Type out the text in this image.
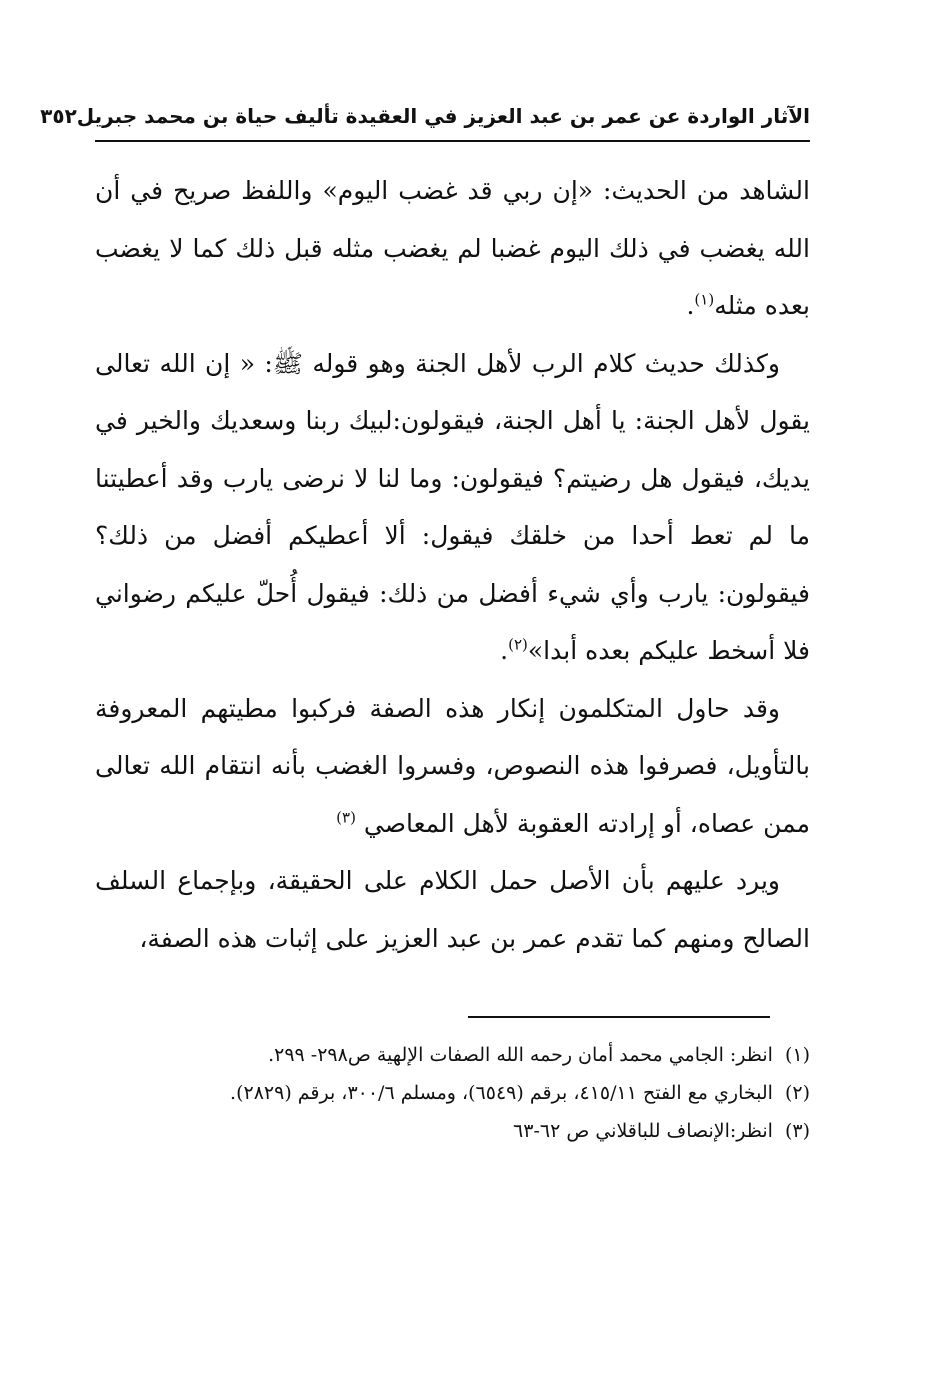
الآثار الواردة عن عمر بن عبد العزيز في العقيدة تأليف حياة بن محمد جبريل
٣٥٢

الشاهد من الحديث: «إن ربي قد غضب اليوم» واللفظ صريح في أن الله يغضب في ذلك اليوم غضبا لم يغضب مثله قبل ذلك كما لا يغضب بعده مثله$^{(١)}$.

وكذلك حديث كلام الرب لأهل الجنة وهو قوله ﷺ: « إن الله تعالى يقول لأهل الجنة: يا أهل الجنة، فيقولون:لبيك ربنا وسعديك والخير في يديك، فيقول هل رضيتم؟ فيقولون: وما لنا لا نرضى يارب وقد أعطيتنا ما لم تعط أحدا من خلقك فيقول: ألا أعطيكم أفضل من ذلك؟ فيقولون: يارب وأي شيء أفضل من ذلك: فيقول أُحلّ عليكم رضواني فلا أسخط عليكم بعده أبدا»$^{(٢)}$.

وقد حاول المتكلمون إنكار هذه الصفة فركبوا مطيتهم المعروفة بالتأويل، فصرفوا هذه النصوص، وفسروا الغضب بأنه انتقام الله تعالى ممن عصاه، أو إرادته العقوبة لأهل المعاصي $^{(٣)}$

ويرد عليهم بأن الأصل حمل الكلام على الحقيقة، وبإجماع السلف الصالح ومنهم كما تقدم عمر بن عبد العزيز على إثبات هذه الصفة،

(١)انظر: الجامي محمد أمان رحمه الله الصفات الإلهية ص٢٩٨- ٢٩٩.
(٢)البخاري مع الفتح ٤١٥/١١، برقم (٦٥٤٩)، ومسلم ٣٠٠/٦، برقم (٢٨٢٩).
(٣)انظر:الإنصاف للباقلاني ص ٦٢-٦٣
